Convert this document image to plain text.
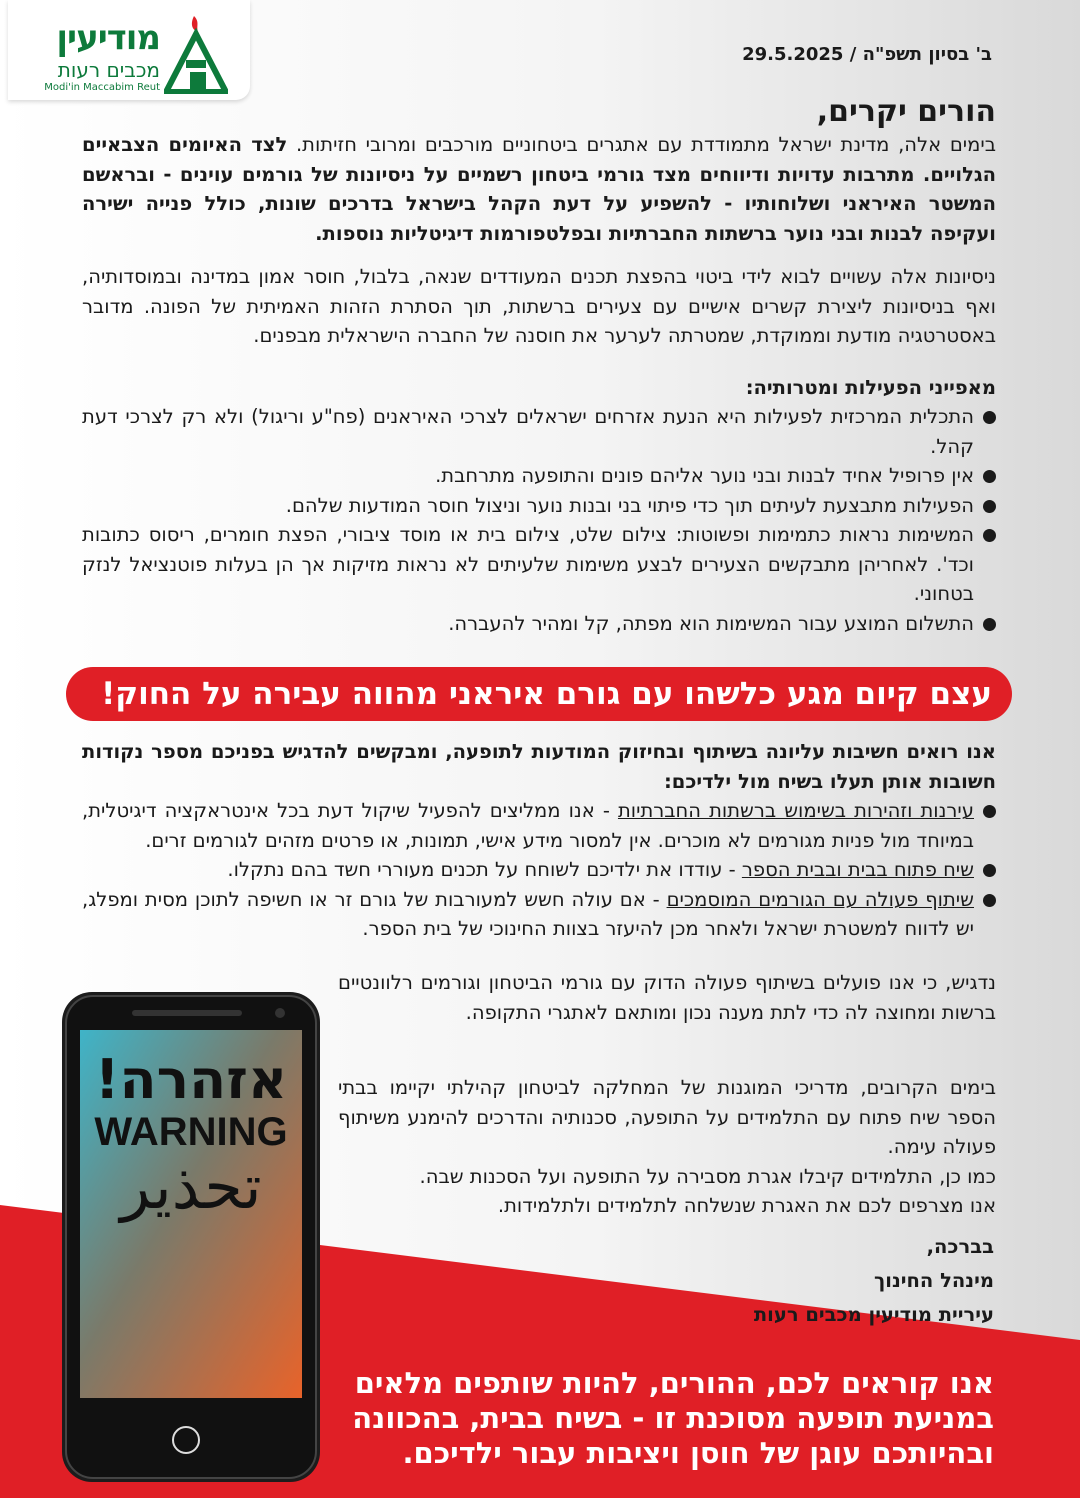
מודיעין
מכבים רעות
Modi'in Maccabim Reut
ב' בסיון תשפ"ה / 29.5.2025

הורים יקרים,

בימים אלה, מדינת ישראל מתמודדת עם אתגרים ביטחוניים מורכבים ומרובי חזיתות. לצד האיומים הצבאיים הגלויים. מתרבות עדויות ודיווחים מצד גורמי ביטחון רשמיים על ניסיונות של גורמים עוינים - ובראשם המשטר האיראני ושלוחותיו - להשפיע על דעת הקהל בישראל בדרכים שונות, כולל פנייה ישירה ועקיפה לבנות ובני נוער ברשתות החברתיות ובפלטפורמות דיגיטליות נוספות.

ניסיונות אלה עשויים לבוא לידי ביטוי בהפצת תכנים המעודדים שנאה, בלבול, חוסר אמון במדינה ובמוסדותיה, ואף בניסיונות ליצירת קשרים אישיים עם צעירים ברשתות, תוך הסתרת הזהות האמיתית של הפונה. מדובר באסטרטגיה מודעת וממוקדת, שמטרתה לערער את חוסנה של החברה הישראלית מבפנים.

מאפייני הפעילות ומטרותיה:

התכלית המרכזית לפעילות היא הנעת אזרחים ישראלים לצרכי האיראנים (פח"ע וריגול) ולא רק לצרכי דעת קהל.
אין פרופיל אחיד לבנות ובני נוער אליהם פונים והתופעה מתרחבת.
הפעילות מתבצעת לעיתים תוך כדי פיתוי בני ובנות נוער וניצול חוסר המודעות שלהם.
המשימות נראות כתמימות ופשוטות: צילום שלט, צילום בית או מוסד ציבורי, הפצת חומרים, ריסוס כתובות וכד'. לאחריהן מתבקשים הצעירים לבצע משימות שלעיתים לא נראות מזיקות אך הן בעלות פוטנציאל לנזק בטחוני.
התשלום המוצע עבור המשימות הוא מפתה, קל ומהיר להעברה.
עצם קיום מגע כלשהו עם גורם איראני מהווה עבירה על החוק!

אנו רואים חשיבות עליונה בשיתוף ובחיזוק המודעות לתופעה, ומבקשים להדגיש בפניכם מספר נקודות חשובות אותן תעלו בשיח מול ילדיכם:

עירנות וזהירות בשימוש ברשתות החברתיות - אנו ממליצים להפעיל שיקול דעת בכל אינטראקציה דיגיטלית, במיוחד מול פניות מגורמים לא מוכרים. אין למסור מידע אישי, תמונות, או פרטים מזהים לגורמים זרים.
שיח פתוח בבית ובבית הספר - עודדו את ילדיכם לשוחח על תכנים מעוררי חשד בהם נתקלו.
שיתוף פעולה עם הגורמים המוסמכים - אם עולה חשש למעורבות של גורם זר או חשיפה לתוכן מסית ומפלג, יש לדווח למשטרת ישראל ולאחר מכן להיעזר בצוות החינוכי של בית הספר.

נדגיש, כי אנו פועלים בשיתוף פעולה הדוק עם גורמי הביטחון וגורמים רלוונטיים ברשות ומחוצה לה כדי לתת מענה נכון ומותאם לאתגרי התקופה.

בימים הקרובים, מדריכי המוגנות של המחלקה לביטחון קהילתי יקיימו בבתי הספר שיח פתוח עם התלמידים על התופעה, סכנותיה והדרכים להימנע משיתוף פעולה עימה.

כמו כן, התלמידים קיבלו אגרת מסבירה על התופעה ועל הסכנות שבה.

אנו מצרפים לכם את האגרת שנשלחה לתלמידים ולתלמידות.

בברכה,

מינהל החינוך

עיריית מודיעין מכבים רעות

אזהרה!
WARNING
تحذير

אנו קוראים לכם, ההורים, להיות שותפים מלאים

במניעת תופעה מסוכנת זו - בשיח בבית, בהכוונה

ובהיותכם עוגן של חוסן ויציבות עבור ילדיכם.
